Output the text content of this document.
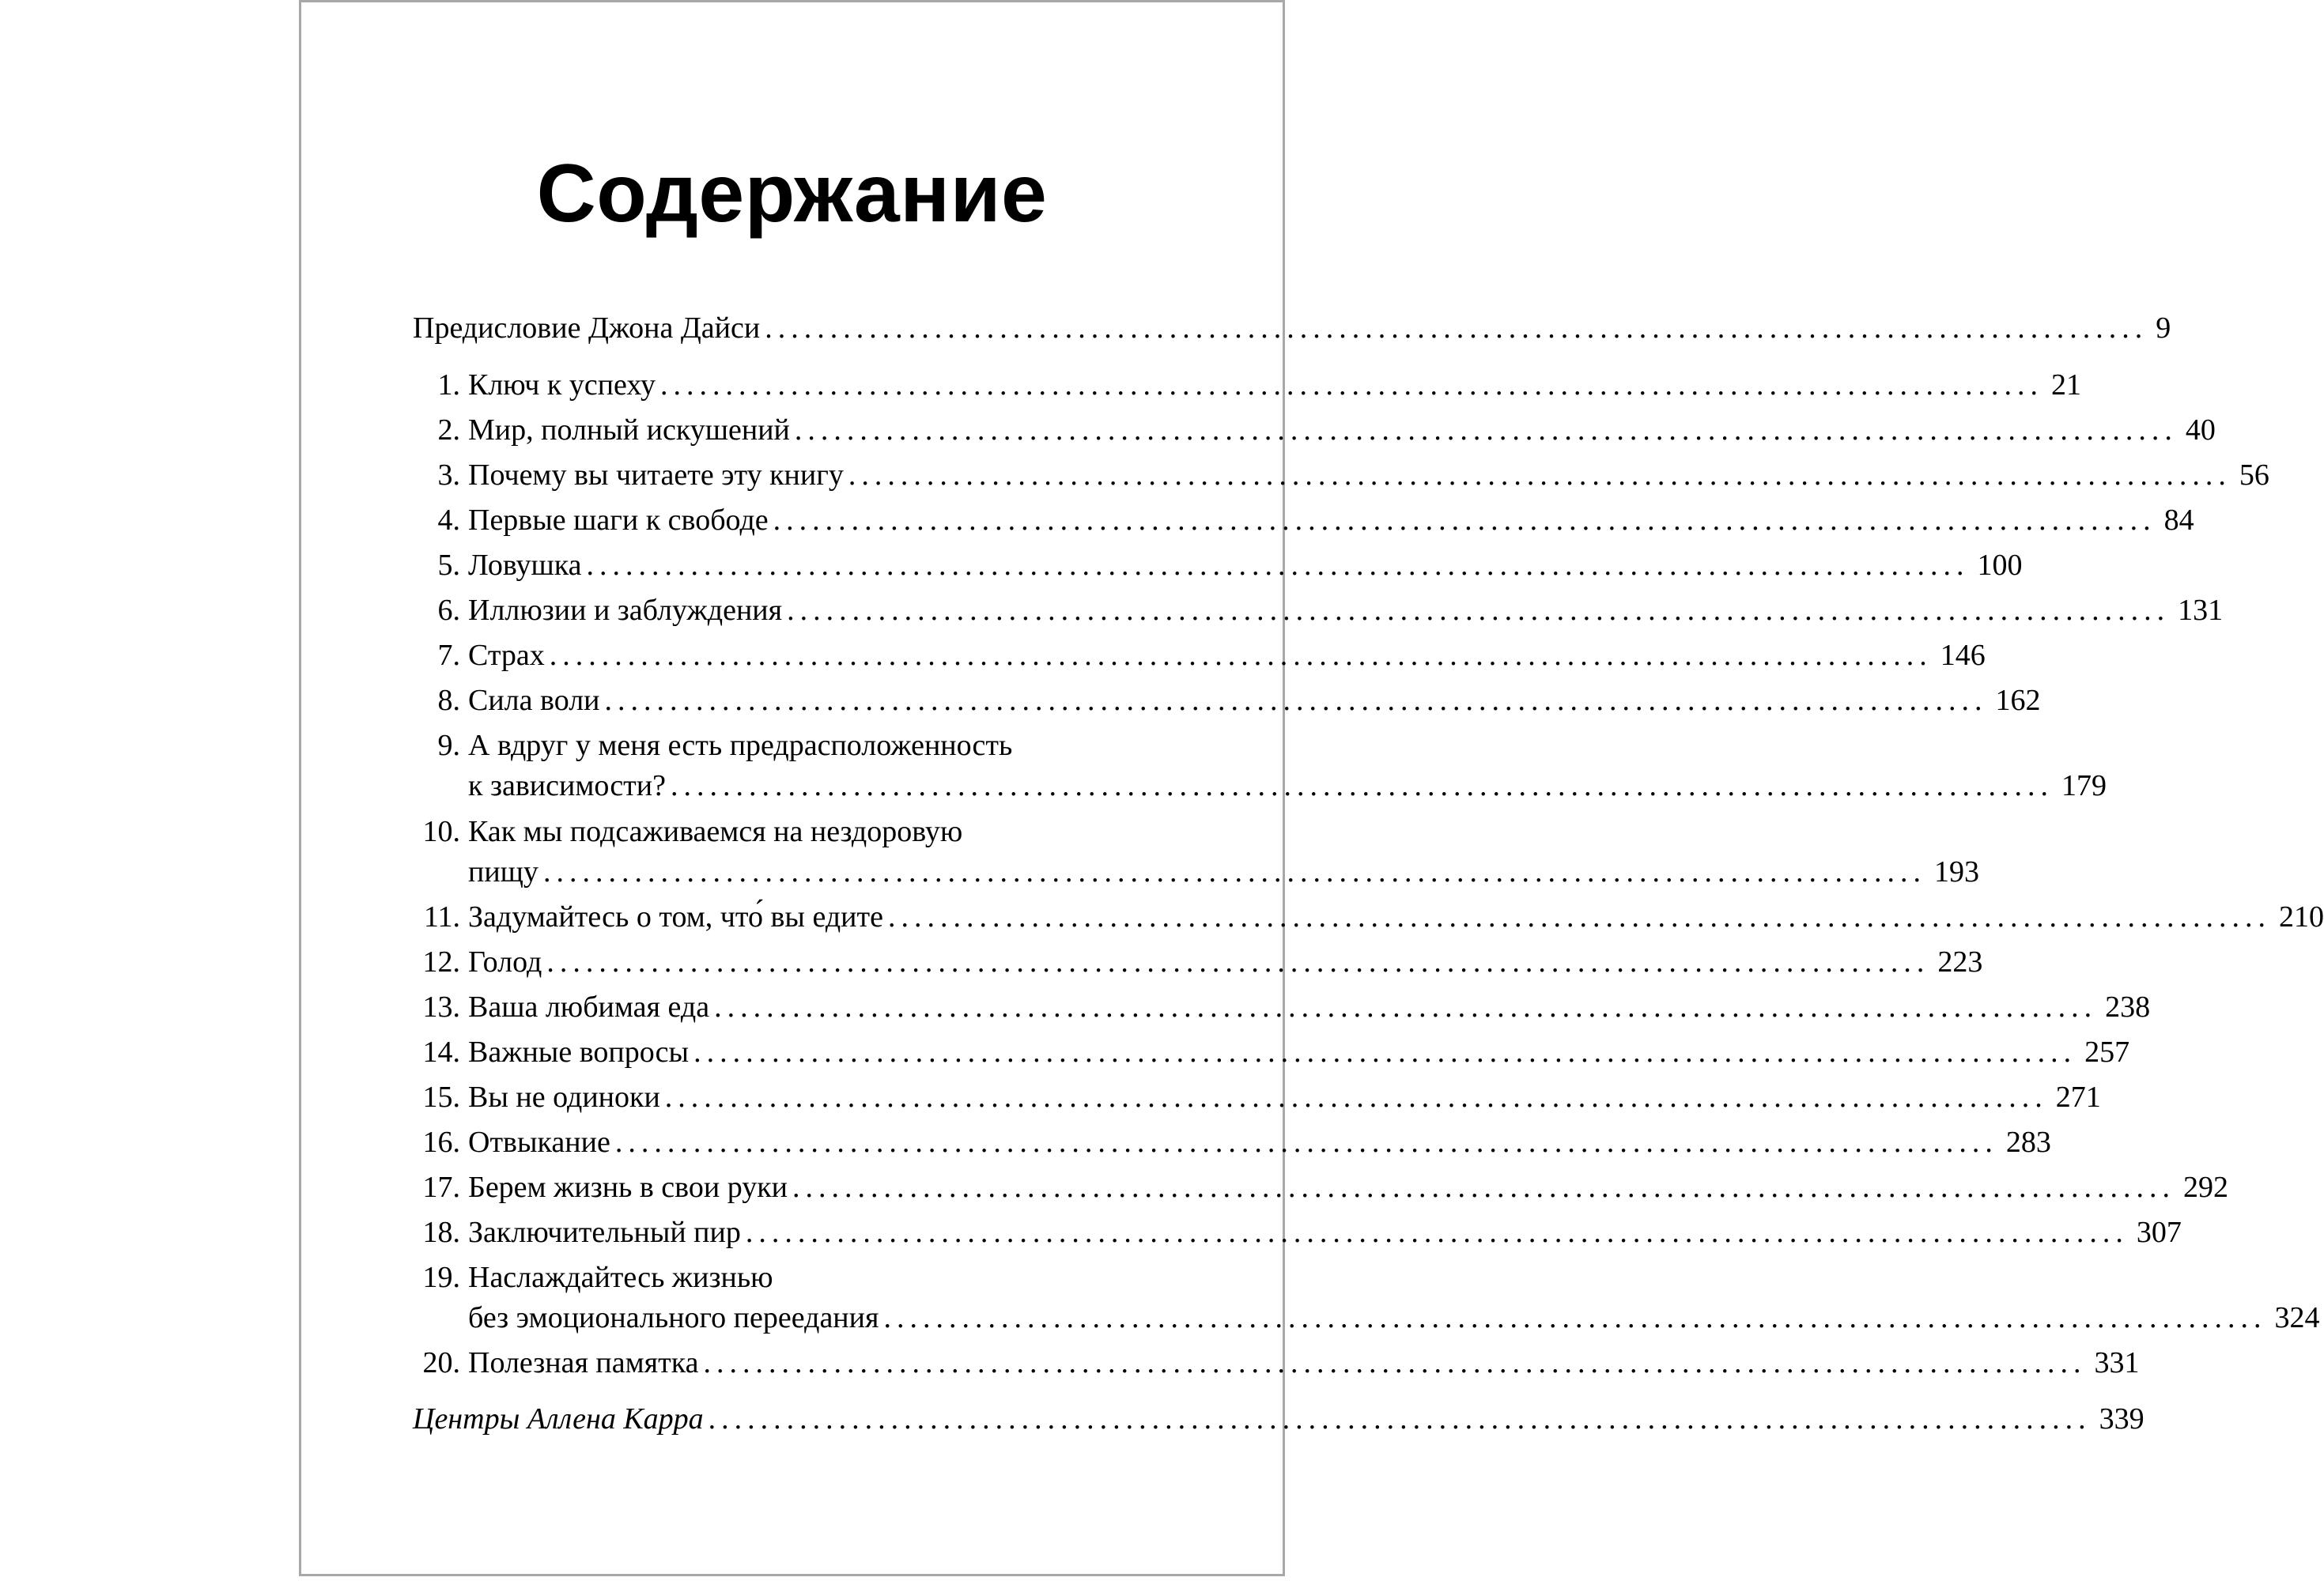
Содержание
Предисловие Джона Дайси .......................................................................................................... 9
1. Ключ к успеху .......................................................................................................... 21
2. Мир, полный искушений .......................................................................................................... 40
3. Почему вы читаете эту книгу .......................................................................................................... 56
4. Первые шаги к свободе .......................................................................................................... 84
5. Ловушка .......................................................................................................... 100
6. Иллюзии и заблуждения .......................................................................................................... 131
7. Страх .......................................................................................................... 146
8. Сила воли .......................................................................................................... 162
9. А вдруг у меня есть предрасположенность
к зависимости? .......................................................................................................... 179
10. Как мы подсаживаемся на нездоровую
пищу .......................................................................................................... 193
11. Задумайтесь о том, что́ вы едите .......................................................................................................... 210
12. Голод .......................................................................................................... 223
13. Ваша любимая еда .......................................................................................................... 238
14. Важные вопросы .......................................................................................................... 257
15. Вы не одиноки .......................................................................................................... 271
16. Отвыкание .......................................................................................................... 283
17. Берем жизнь в свои руки .......................................................................................................... 292
18. Заключительный пир .......................................................................................................... 307
19. Наслаждайтесь жизнью
без эмоционального переедания .......................................................................................................... 324
20. Полезная памятка .......................................................................................................... 331
Центры Аллена Карра .......................................................................................................... 339
